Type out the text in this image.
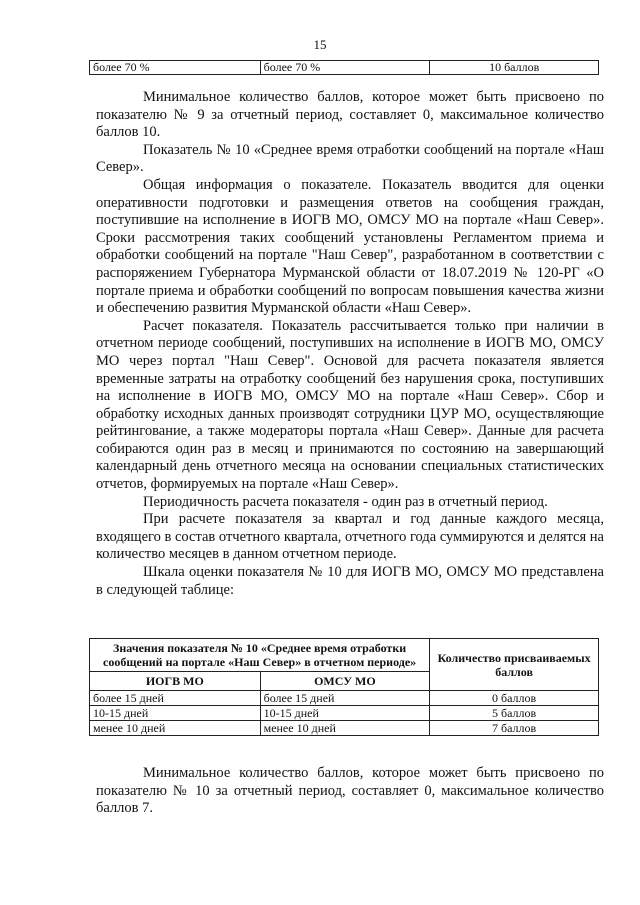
15
более 70 %	более 70 %	10 баллов

Минимальное количество баллов, которое может быть присвоено по показателю № 9 за отчетный период, составляет 0, максимальное количество баллов 10.

Показатель № 10 «Среднее время отработки сообщений на портале «Наш Север».

Общая информация о показателе. Показатель вводится для оценки оперативности подготовки и размещения ответов на сообщения граждан, поступившие на исполнение в ИОГВ МО, ОМСУ МО на портале «Наш Север». Сроки рассмотрения таких сообщений установлены Регламентом приема и обработки сообщений на портале "Наш Север", разработанном в соответствии с распоряжением Губернатора Мурманской области от 18.07.2019 № 120-РГ «О портале приема и обработки сообщений по вопросам повышения качества жизни и обеспечению развития Мурманской области «Наш Север».

Расчет показателя. Показатель рассчитывается только при наличии в отчетном периоде сообщений, поступивших на исполнение в ИОГВ МО, ОМСУ МО через портал "Наш Север". Основой для расчета показателя является временные затраты на отработку сообщений без нарушения срока, поступивших на исполнение в ИОГВ МО, ОМСУ МО на портале «Наш Север». Сбор и обработку исходных данных производят сотрудники ЦУР МО, осуществляющие рейтингование, а также модераторы портала «Наш Север». Данные для расчета собираются один раз в месяц и принимаются по состоянию на завершающий календарный день отчетного месяца на основании специальных статистических отчетов, формируемых на портале «Наш Север».

Периодичность расчета показателя - один раз в отчетный период.

При расчете показателя за квартал и год данные каждого месяца, входящего в состав отчетного квартала, отчетного года суммируются и делятся на количество месяцев в данном отчетном периоде.

Шкала оценки показателя № 10 для ИОГВ МО, ОМСУ МО представлена в следующей таблице:

Значения показателя № 10 «Среднее время отработки сообщений на портале «Наш Север» в отчетном периоде»		Количество присваиваемых баллов
ИОГВ МО	ОМСУ МО	
более 15 дней	более 15 дней	0 баллов
10-15 дней	10-15 дней	5 баллов
менее 10 дней	менее 10 дней	7 баллов

Минимальное количество баллов, которое может быть присвоено по показателю № 10 за отчетный период, составляет 0, максимальное количество баллов 7.
